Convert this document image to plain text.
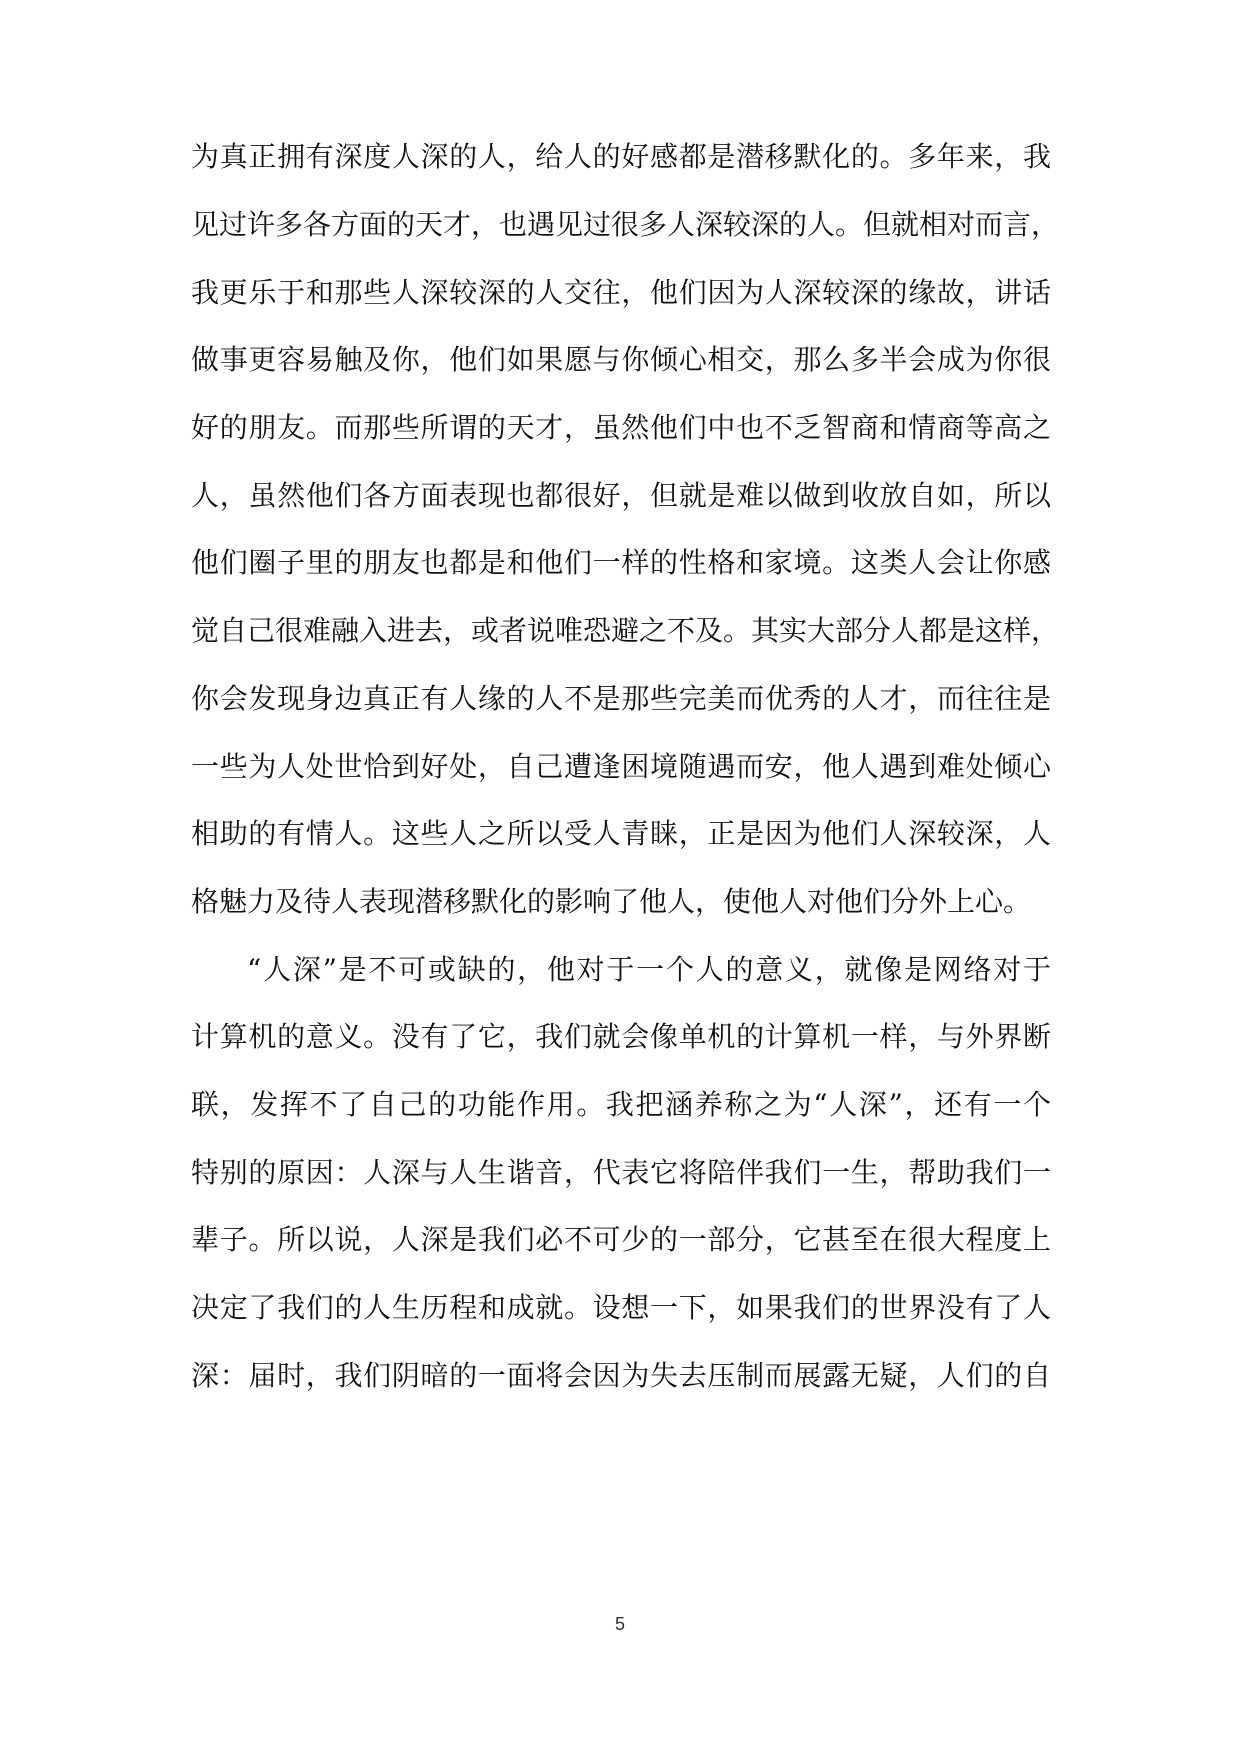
为真正拥有深度人深的人，给人的好感都是潜移默化的。多年来，我
见过许多各方面的天才，也遇见过很多人深较深的人。但就相对而言，
我更乐于和那些人深较深的人交往，他们因为人深较深的缘故，讲话
做事更容易触及你，他们如果愿与你倾心相交，那么多半会成为你很
好的朋友。而那些所谓的天才，虽然他们中也不乏智商和情商等高之
人，虽然他们各方面表现也都很好，但就是难以做到收放自如，所以
他们圈子里的朋友也都是和他们一样的性格和家境。这类人会让你感
觉自己很难融入进去，或者说唯恐避之不及。其实大部分人都是这样，
你会发现身边真正有人缘的人不是那些完美而优秀的人才，而往往是
一些为人处世恰到好处，自己遭逢困境随遇而安，他人遇到难处倾心
相助的有情人。这些人之所以受人青睐，正是因为他们人深较深，人
格魅力及待人表现潜移默化的影响了他人，使他人对他们分外上心。
“人深”是不可或缺的，他对于一个人的意义，就像是网络对于
计算机的意义。没有了它，我们就会像单机的计算机一样，与外界断
联，发挥不了自己的功能作用。我把涵养称之为“人深”，还有一个
特别的原因：人深与人生谐音，代表它将陪伴我们一生，帮助我们一
辈子。所以说，人深是我们必不可少的一部分，它甚至在很大程度上
决定了我们的人生历程和成就。设想一下，如果我们的世界没有了人
深：届时，我们阴暗的一面将会因为失去压制而展露无疑，人们的自
5
